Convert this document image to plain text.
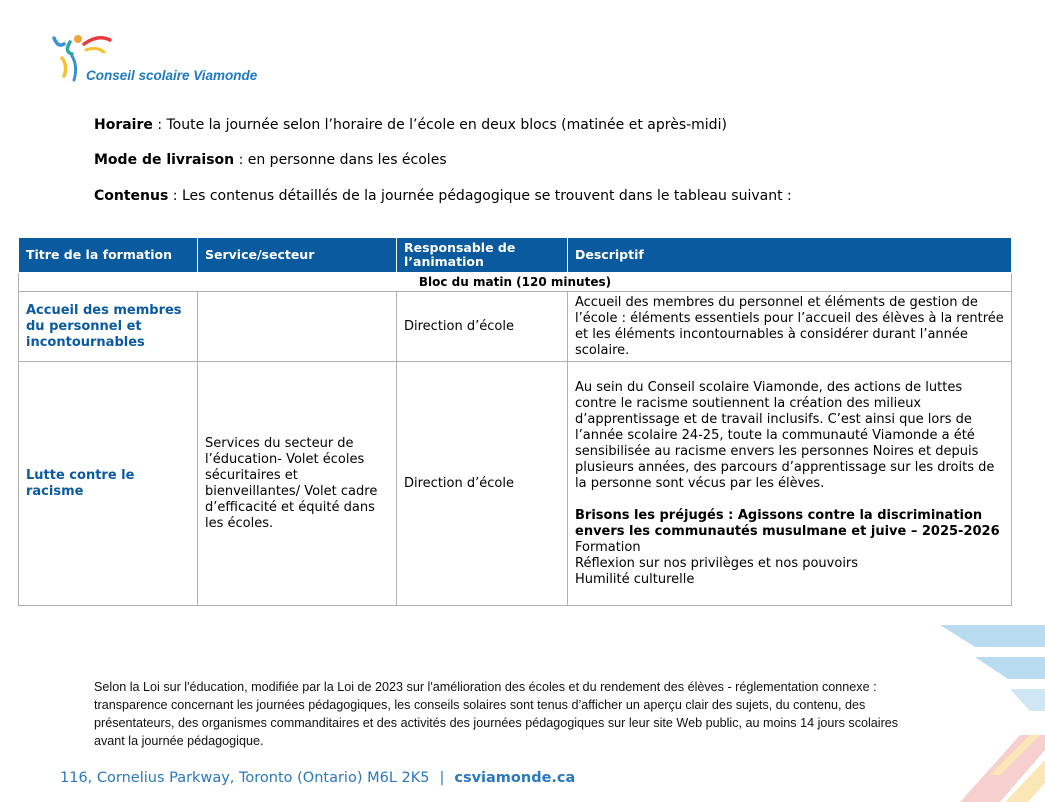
Conseil scolaire Viamonde
Horaire : Toute la journée selon l’horaire de l’école en deux blocs (matinée et après-midi)
Mode de livraison : en personne dans les écoles
Contenus : Les contenus détaillés de la journée pédagogique se trouvent dans le tableau suivant :
Titre de la formation	Service/secteur	Responsable de l’animation	Descriptif
Bloc du matin (120 minutes)			
Accueil des membres du personnel et incontournables		Direction d’école	Accueil des membres du personnel et éléments de gestion de l’école : éléments essentiels pour l’accueil des élèves à la rentrée et les éléments incontournables à considérer durant l’année scolaire.

Lutte contre le racisme	Services du secteur de l’éducation- Volet écoles sécuritaires et bienveillantes/ Volet cadre d’efficacité et équité dans les écoles.	Direction d’école	Au sein du Conseil scolaire Viamonde, des actions de luttes contre le racisme soutiennent la création des milieux d’apprentissage et de travail inclusifs. C’est ainsi que lors de l’année scolaire 24-25, toute la communauté Viamonde a été sensibilisée au racisme envers les personnes Noires et depuis plusieurs années, des parcours d’apprentissage sur les droits de la personne sont vécus par les élèves.
Brisons les préjugés : Agissons contre la discrimination envers les communautés musulmane et juive – 2025-2026
Formation
Réflexion sur nos privilèges et nos pouvoirs
Humilité culturelle
Selon la Loi sur l'éducation, modifiée par la Loi de 2023 sur l'amélioration des écoles et du rendement des élèves - réglementation connexe : transparence concernant les journées pédagogiques, les conseils solaires sont tenus d’afficher un aperçu clair des sujets, du contenu, des présentateurs, des organismes commanditaires et des activités des journées pédagogiques sur leur site Web public, au moins 14 jours scolaires avant la journée pédagogique.
116, Cornelius Parkway, Toronto (Ontario) M6L 2K5 | csviamonde.ca
